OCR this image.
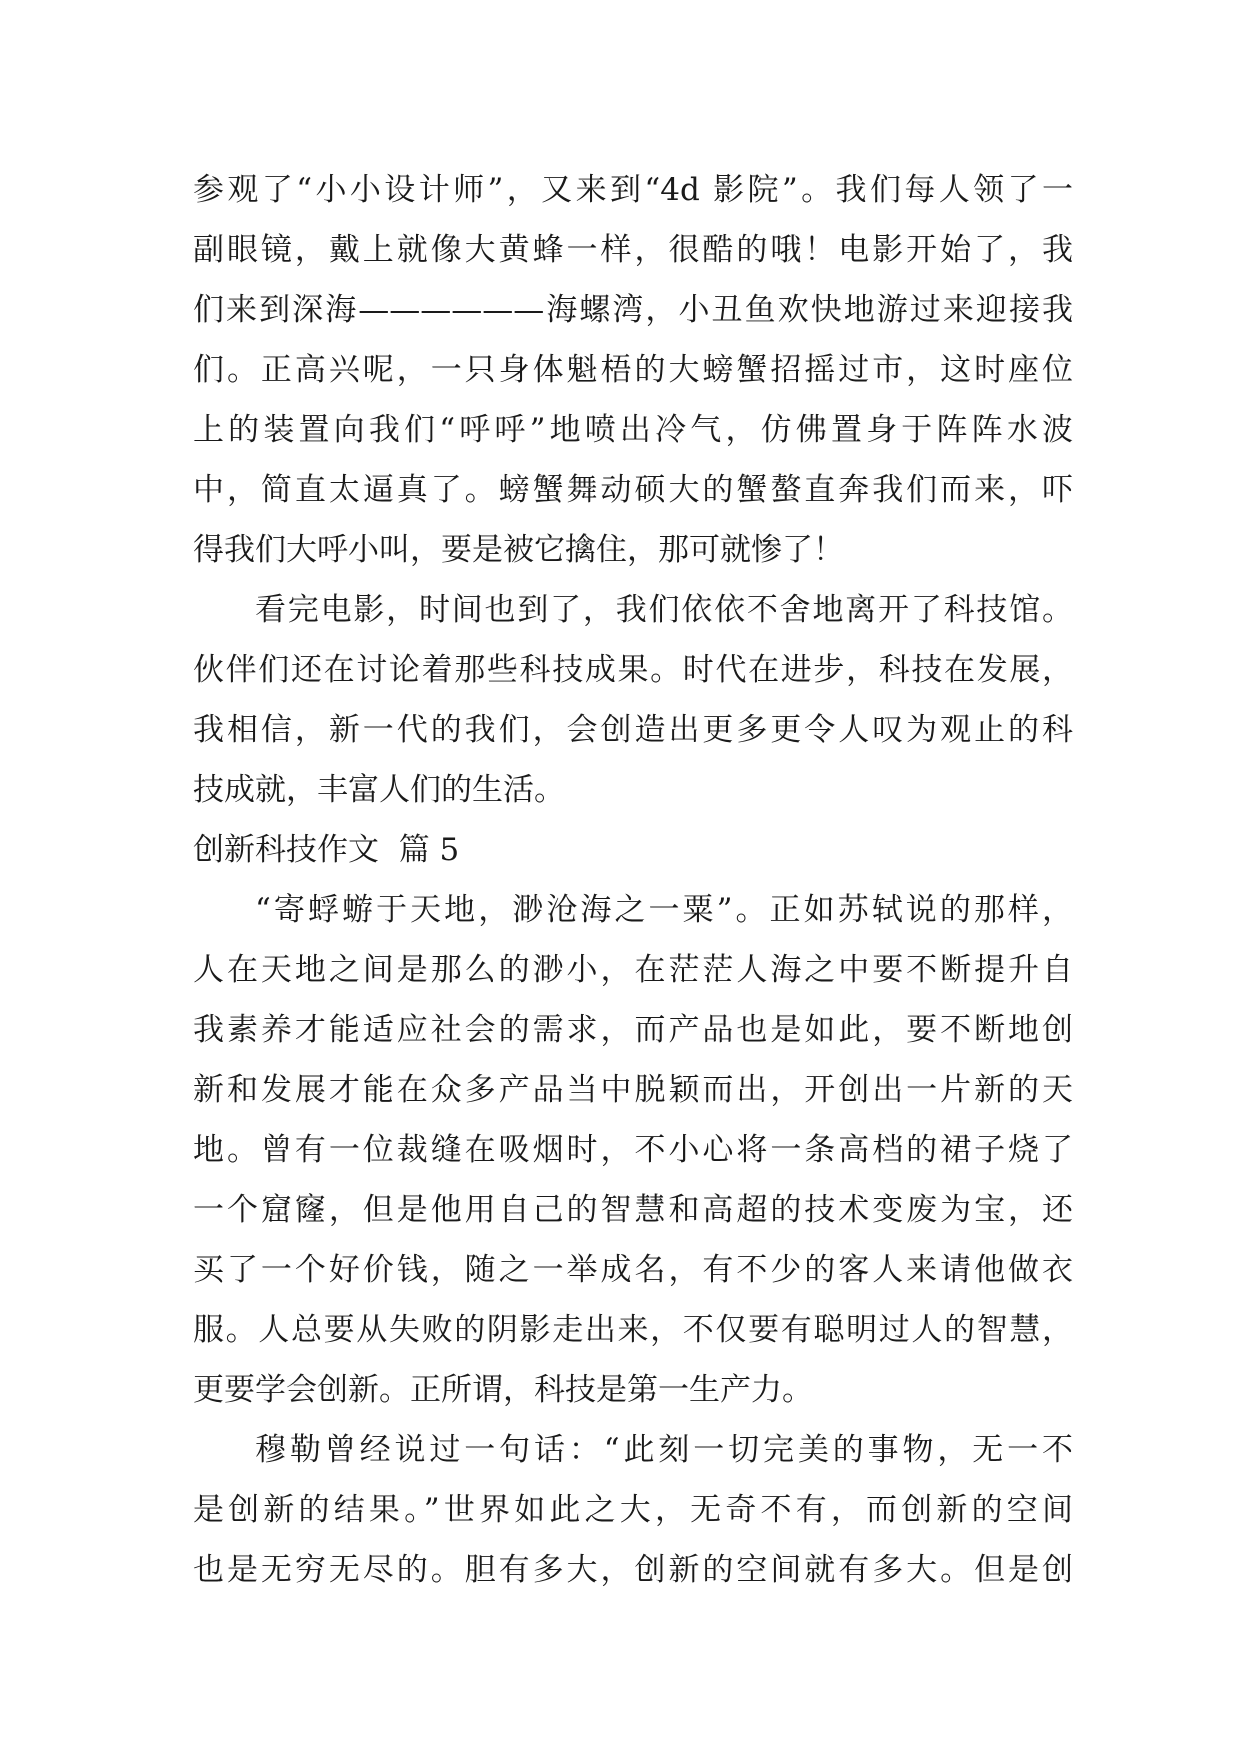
参观了“小小设计师”，又来到“4d 影院”。我们每人领了一
副眼镜，戴上就像大黄蜂一样，很酷的哦！电影开始了，我
们来到深海——————海螺湾，小丑鱼欢快地游过来迎接我
们。正高兴呢，一只身体魁梧的大螃蟹招摇过市，这时座位
上的装置向我们“呼呼”地喷出冷气，仿佛置身于阵阵水波
中，简直太逼真了。螃蟹舞动硕大的蟹螯直奔我们而来，吓
得我们大呼小叫，要是被它擒住，那可就惨了！
看完电影，时间也到了，我们依依不舍地离开了科技馆。
伙伴们还在讨论着那些科技成果。时代在进步，科技在发展，
我相信，新一代的我们，会创造出更多更令人叹为观止的科
技成就，丰富人们的生活。
创新科技作文  篇 5
“寄蜉蝣于天地，渺沧海之一粟”。正如苏轼说的那样，
人在天地之间是那么的渺小，在茫茫人海之中要不断提升自
我素养才能适应社会的需求，而产品也是如此，要不断地创
新和发展才能在众多产品当中脱颖而出，开创出一片新的天
地。曾有一位裁缝在吸烟时，不小心将一条高档的裙子烧了
一个窟窿，但是他用自己的智慧和高超的技术变废为宝，还
买了一个好价钱，随之一举成名，有不少的客人来请他做衣
服。人总要从失败的阴影走出来，不仅要有聪明过人的智慧，
更要学会创新。正所谓，科技是第一生产力。
穆勒曾经说过一句话：“此刻一切完美的事物，无一不
是创新的结果。”世界如此之大，无奇不有，而创新的空间
也是无穷无尽的。胆有多大，创新的空间就有多大。但是创
